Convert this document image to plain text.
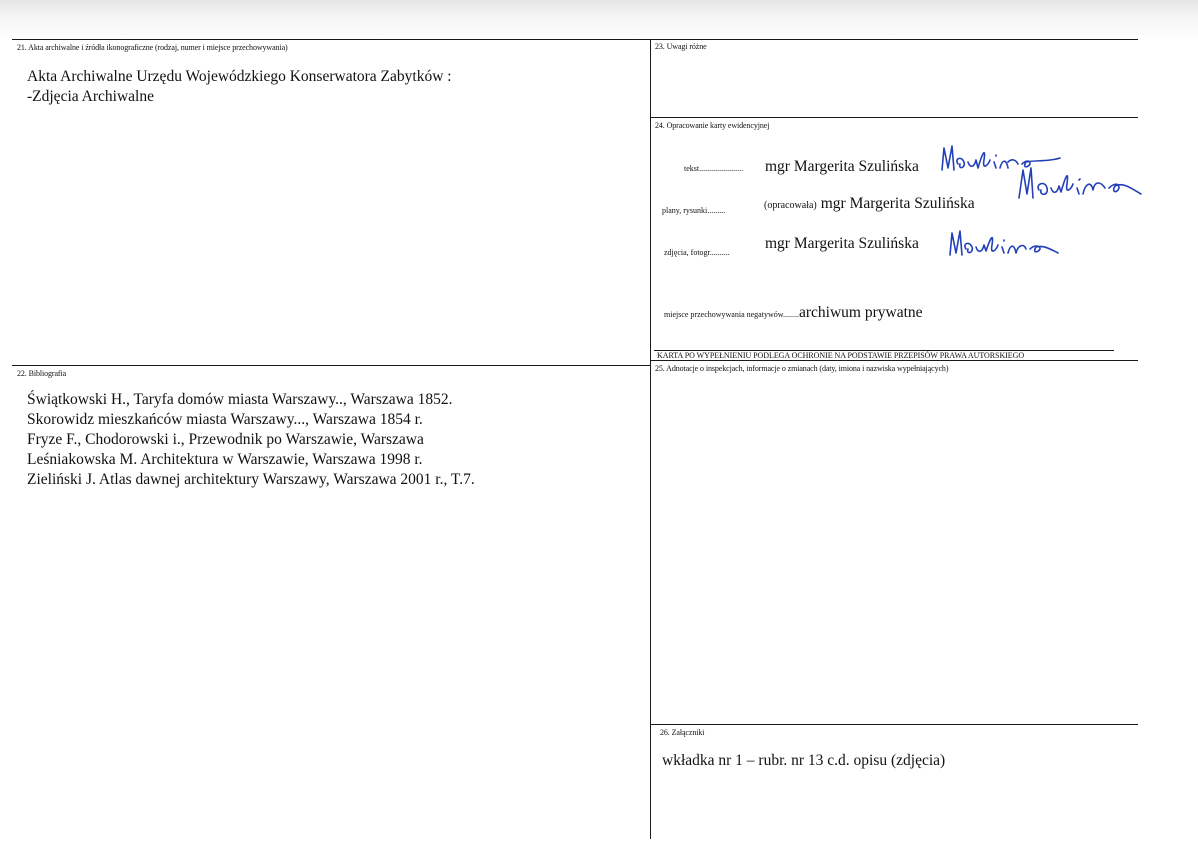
21. Akta archiwalne i źródła ikonograficzne (rodzaj, numer i miejsce przechowywania)
Akta Archiwalne Urzędu Wojewódzkiego Konserwatora Zabytków :
-Zdjęcia Archiwalne
22. Bibliografia
Świątkowski H., Taryfa domów miasta Warszawy.., Warszawa 1852.
Skorowidz mieszkańców miasta Warszawy..., Warszawa 1854 r.
Fryze F., Chodorowski i., Przewodnik po Warszawie, Warszawa
Leśniakowska M. Architektura w Warszawie, Warszawa 1998 r.
Zieliński J. Atlas dawnej architektury Warszawy, Warszawa 2001 r., T.7.
23. Uwagi różne
24. Opracowanie karty ewidencyjnej
tekst...................... mgr Margerita Szulińska
plany, rysunki.........	(opracowała) mgr Margerita Szulińska
zdjęcia, fotogr..........
mgr Margerita Szulińska
miejsce przechowywania negatywów........archiwum prywatne
KARTA PO WYPEŁNIENIU PODLEGA OCHRONIE NA PODSTAWIE PRZEPISÓW PRAWA AUTORSKIEGO
25. Adnotacje o inspekcjach, informacje o zmianach (daty, imiona i nazwiska wypełniających)
26. Załączniki
wkładka nr 1 – rubr. nr 13 c.d. opisu (zdjęcia)
